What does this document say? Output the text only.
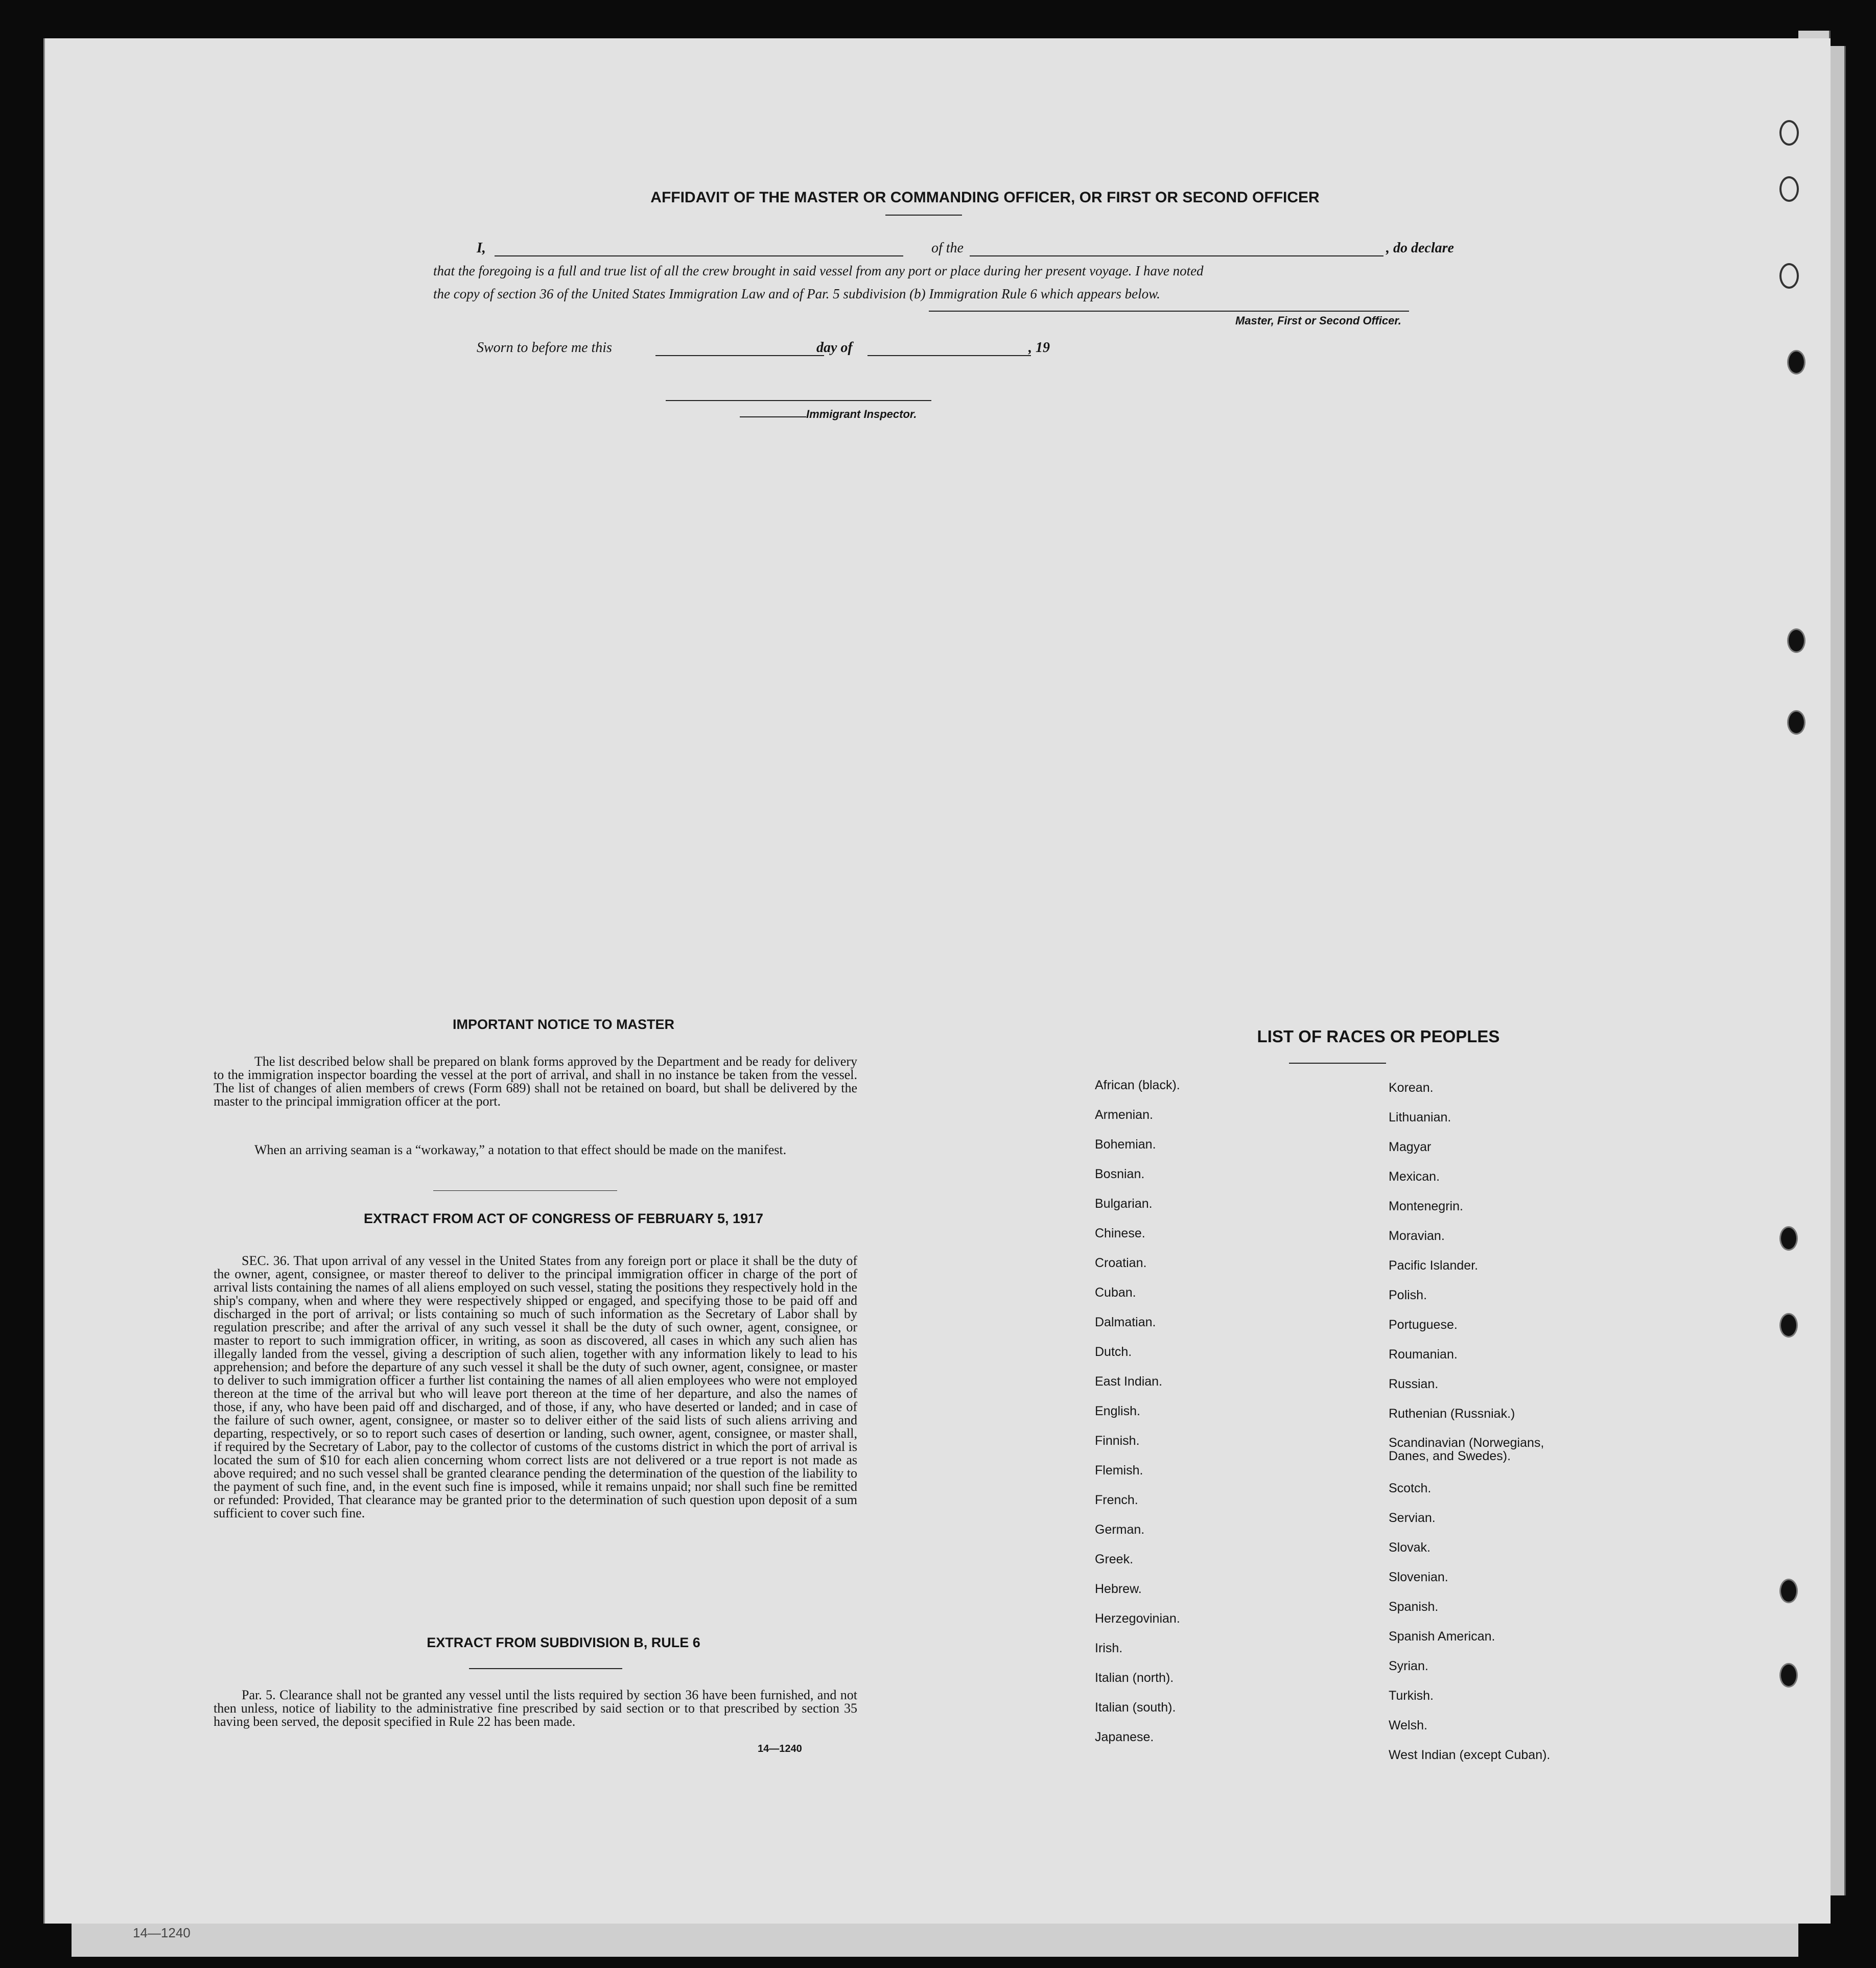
14—1240
AFFIDAVIT OF THE MASTER OR COMMANDING OFFICER, OR FIRST OR SECOND OFFICER
I,	of the	, do declare
that the foregoing is a full and true list of all the crew brought in said vessel from any port or place during her present voyage. I have noted
the copy of section 36 of the United States Immigration Law and of Par. 5 subdivision (b) Immigration Rule 6 which appears below.
Master, First or Second Officer.
Sworn to before me this	day of	, 19
Immigrant Inspector.
IMPORTANT NOTICE TO MASTER
The list described below shall be prepared on blank forms approved by the Department and be ready for delivery to the immigration inspector boarding the vessel at the port of arrival, and shall in no instance be taken from the vessel. The list of changes of alien members of crews (Form 689) shall not be retained on board, but shall be delivered by the master to the principal immigration officer at the port.
When an arriving seaman is a “workaway,” a notation to that effect should be made on the manifest.
EXTRACT FROM ACT OF CONGRESS OF FEBRUARY 5, 1917
SEC. 36. That upon arrival of any vessel in the United States from any foreign port or place it shall be the duty of the owner, agent, consignee, or master thereof to deliver to the principal immigration officer in charge of the port of arrival lists containing the names of all aliens employed on such vessel, stating the positions they respectively hold in the ship's company, when and where they were respectively shipped or engaged, and specifying those to be paid off and discharged in the port of arrival; or lists containing so much of such information as the Secretary of Labor shall by regulation prescribe; and after the arrival of any such vessel it shall be the duty of such owner, agent, consignee, or master to report to such immigration officer, in writing, as soon as discovered, all cases in which any such alien has illegally landed from the vessel, giving a description of such alien, together with any information likely to lead to his apprehension; and before the departure of any such vessel it shall be the duty of such owner, agent, consignee, or master to deliver to such immigration officer a further list containing the names of all alien employees who were not employed thereon at the time of the arrival but who will leave port thereon at the time of her departure, and also the names of those, if any, who have been paid off and discharged, and of those, if any, who have deserted or landed; and in case of the failure of such owner, agent, consignee, or master so to deliver either of the said lists of such aliens arriving and departing, respectively, or so to report such cases of desertion or landing, such owner, agent, consignee, or master shall, if required by the Secretary of Labor, pay to the collector of customs of the customs district in which the port of arrival is located the sum of $10 for each alien concerning whom correct lists are not delivered or a true report is not made as above required; and no such vessel shall be granted clearance pending the determination of the question of the liability to the payment of such fine, and, in the event such fine is imposed, while it remains unpaid; nor shall such fine be remitted or refunded: Provided, That clearance may be granted prior to the determination of such question upon deposit of a sum sufficient to cover such fine.
EXTRACT FROM SUBDIVISION B, RULE 6
Par. 5. Clearance shall not be granted any vessel until the lists required by section 36 have been furnished, and not then unless, notice of liability to the administrative fine prescribed by said section or to that prescribed by section 35 having been served, the deposit specified in Rule 22 has been made.
14—1240
LIST OF RACES OR PEOPLES
African (black).
Armenian.
Bohemian.
Bosnian.
Bulgarian.
Chinese.
Croatian.
Cuban.
Dalmatian.
Dutch.
East Indian.
English.
Finnish.
Flemish.
French.
German.
Greek.
Hebrew.
Herzegovinian.
Irish.
Italian (north).
Italian (south).
Japanese.
Korean.
Lithuanian.
Magyar
Mexican.
Montenegrin.
Moravian.
Pacific Islander.
Polish.
Portuguese.
Roumanian.
Russian.
Ruthenian (Russniak.)
Scandinavian (Norwegians, Danes, and Swedes).
Scotch.
Servian.
Slovak.
Slovenian.
Spanish.
Spanish American.
Syrian.
Turkish.
Welsh.
West Indian (except Cuban).
